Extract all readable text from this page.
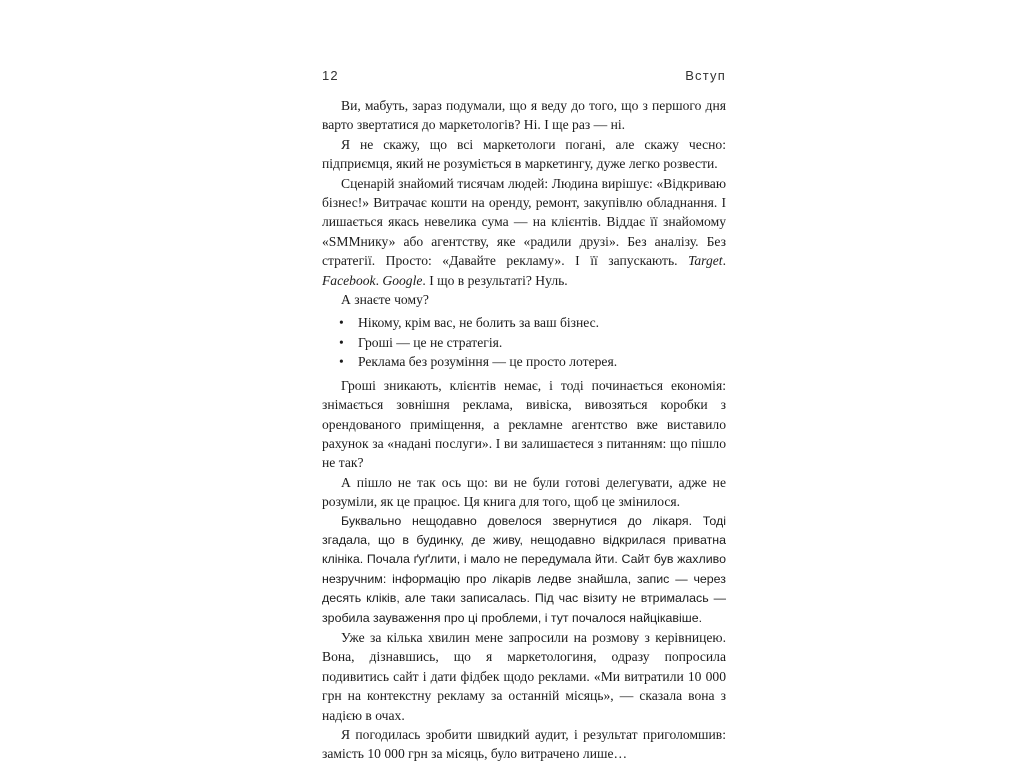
12	Вступ

Ви, мабуть, зараз подумали, що я веду до того, що з першого дня варто звертатися до маркетологів? Ні. І ще раз — ні.

Я не скажу, що всі маркетологи погані, але скажу чесно: підприємця, який не розуміється в маркетингу, дуже легко розвести.

Сценарій знайомий тисячам людей: Людина вирішує: «Відкриваю бізнес!» Витрачає кошти на оренду, ремонт, закупівлю обладнання. І лишається якась невелика сума — на клієнтів. Віддає її знайомому «SMMнику» або агентству, яке «радили друзі». Без аналізу. Без стратегії. Просто: «Давайте рекламу». І її запускають. Target. Facebook. Google. І що в результаті? Нуль.

А знаєте чому?

• Нікому, крім вас, не болить за ваш бізнес.
• Гроші — це не стратегія.
• Реклама без розуміння — це просто лотерея.

Гроші зникають, клієнтів немає, і тоді починається економія: знімається зовнішня реклама, вивіска, вивозяться коробки з орендованого приміщення, а рекламне агентство вже виставило рахунок за «надані послуги». І ви залишаєтеся з питанням: що пішло не так?

А пішло не так ось що: ви не були готові делегувати, адже не розуміли, як це працює. Ця книга для того, щоб це змінилося.

Буквально нещодавно довелося звернутися до лікаря. Тоді згадала, що в будинку, де живу, нещодавно відкрилася приватна клініка. Почала ґуґлити, і мало не передумала йти. Сайт був жахливо незручним: інформацію про лікарів ледве знайшла, запис — через десять кліків, але таки записалась. Під час візиту не втрималась — зробила зауваження про ці проблеми, і тут почалося найцікавіше.

Уже за кілька хвилин мене запросили на розмову з керівницею. Вона, дізнавшись, що я маркетологиня, одразу попросила подивитись сайт і дати фідбек щодо реклами. «Ми витратили 10 000 грн на контекстну рекламу за останній місяць», — сказала вона з надією в очах.

Я погодилась зробити швидкий аудит, і результат приголомшив: замість 10 000 грн за місяць, було витрачено лише…
